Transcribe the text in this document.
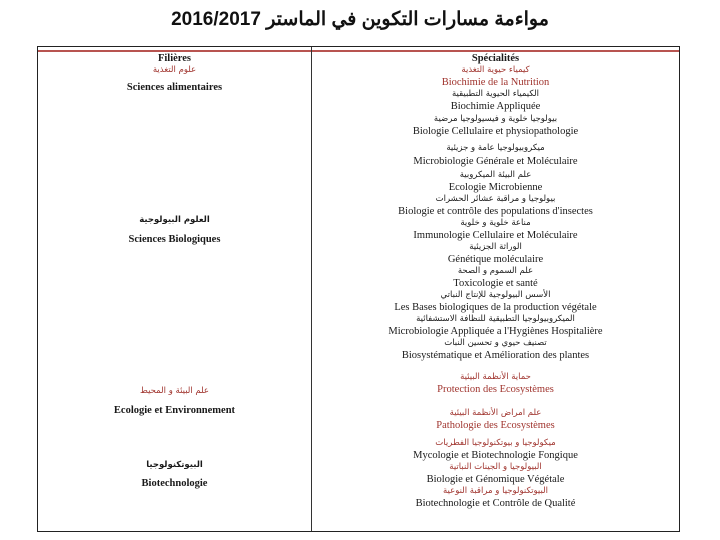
مواءمة مسارات التكوين في الماستر 2016/2017
Filières
علوم التغذية
Sciences alimentaires
العلوم البيولوجية
Sciences Biologiques
علم البيئة و المحيط
Ecologie et Environnement
البيوتكنولوجيا
Biotechnologie
Spécialités
كيمياء حيوية التغذية
Biochimie de la Nutrition
الكيمياء الحيوية التطبيقية
Biochimie Appliquée
بيولوجيا خلوية و فيسيولوجيا مرضية
Biologie Cellulaire et physiopathologie
ميكروبيولوجيا عامة و جزيئية
Microbiologie Générale et Moléculaire
علم البيئة الميكروبية
Ecologie Microbienne
بيولوجيا و مراقبة عشائر الحشرات
Biologie et contrôle des populations d'insectes
مناعة خلوية و خلوية
Immunologie Cellulaire et Moléculaire
الوراثة الجزيئية
Génétique moléculaire
علم السموم و الصحة
Toxicologie et santé
الأسس البيولوجية للإنتاج النباتي
Les Bases biologiques de la production végétale
الميكروبيولوجيا التطبيقية للنظافة الاستشفائية
Microbiologie Appliquée a l'Hygiènes Hospitalière
تصنيف حيوي و تحسين النبات
Biosystématique et Amélioration des plantes
حماية الأنظمة البيئية
Protection des Ecosystèmes
علم امراض الأنظمة البيئية
Pathologie des Ecosystèmes
ميكولوجيا و بيوتكنولوجيا الفطريات
Mycologie et Biotechnologie Fongique
البيولوجيا و الجينات النباتية
Biologie et Génomique Végétale
البيوتكنولوجيا و مراقبة النوعية
Biotechnologie et Contrôle de Qualité
